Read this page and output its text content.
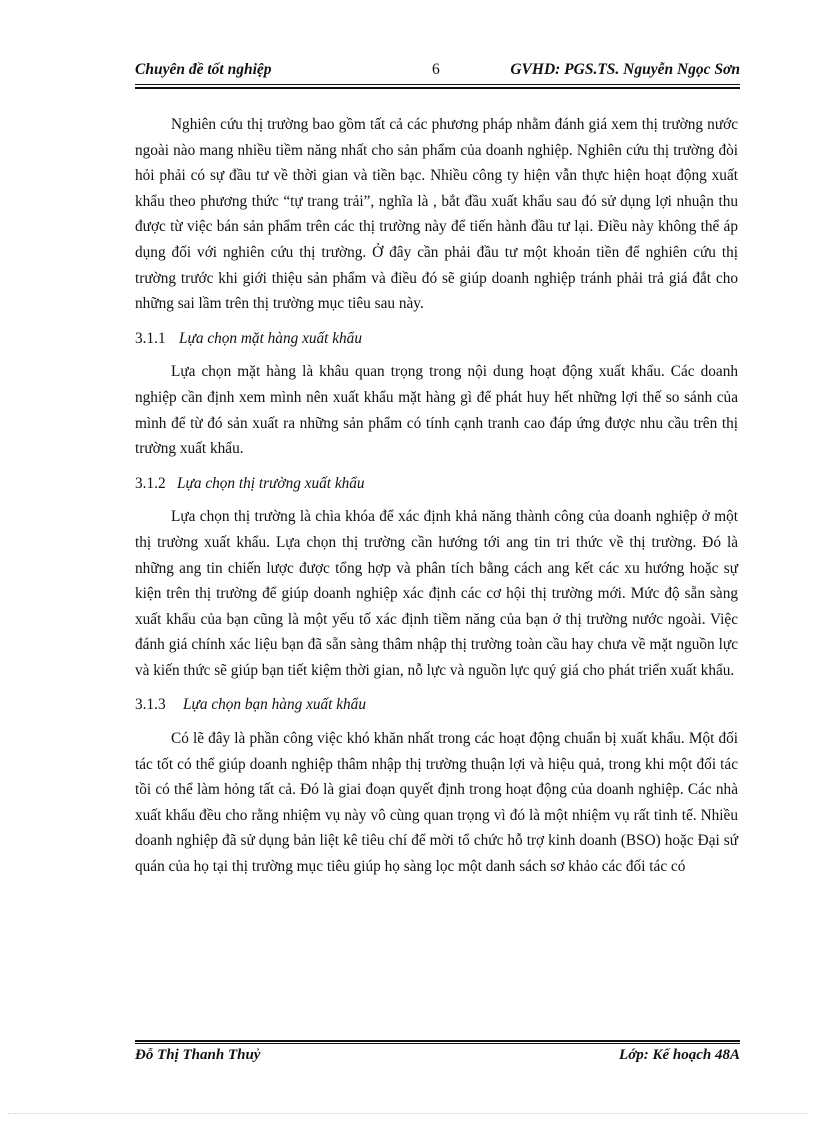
Chuyên đề tốt nghiệp	6	GVHD: PGS.TS. Nguyễn Ngọc Sơn

Nghiên cứu thị trường bao gồm tất cả các phương pháp nhằm đánh giá xem thị trường nước ngoài nào mang nhiều tiềm năng nhất cho sản phẩm của doanh nghiệp. Nghiên cứu thị trường đòi hỏi phải có sự đầu tư về thời gian và tiền bạc. Nhiều công ty hiện vẫn thực hiện hoạt động xuất khẩu theo phương thức “tự trang trải”, nghĩa là , bắt đầu xuất khẩu sau đó sử dụng lợi nhuận thu được từ việc bán sản phẩm trên các thị trường này để tiến hành đầu tư lại. Điều này không thể áp dụng đối với nghiên cứu thị trường. Ở đây cần phải đầu tư một khoản tiền để nghiên cứu thị trường trước khi giới thiệu sản phẩm và điều đó sẽ giúp doanh nghiệp tránh phải trả giá đắt cho những sai lầm trên thị trường mục tiêu sau này.

3.1.1 Lựa chọn mặt hàng xuất khẩu

Lựa chọn mặt hàng là khâu quan trọng trong nội dung hoạt động xuất khẩu. Các doanh nghiệp cần định xem mình nên xuất khẩu mặt hàng gì để phát huy hết những lợi thế so sánh của mình để từ đó sản xuất ra những sản phẩm có tính cạnh tranh cao đáp ứng được nhu cầu trên thị trường xuất khẩu.

3.1.2 Lựa chọn thị trường xuất khẩu

Lựa chọn thị trường là chìa khóa để xác định khả năng thành công của doanh nghiệp ở một thị trường xuất khẩu. Lựa chọn thị trường cần hướng tới ang tin tri thức về thị trường. Đó là những ang tin chiến lược được tổng hợp và phân tích bằng cách ang kết các xu hướng hoặc sự kiện trên thị trường để giúp doanh nghiệp xác định các cơ hội thị trường mới. Mức độ sẵn sàng xuất khẩu của bạn cũng là một yếu tố xác định tiềm năng của bạn ở thị trường nước ngoài. Việc đánh giá chính xác liệu bạn đã sẵn sàng thâm nhập thị trường toàn cầu hay chưa về mặt nguồn lực và kiến thức sẽ giúp bạn tiết kiệm thời gian, nỗ lực và nguồn lực quý giá cho phát triển xuất khẩu.

3.1.3 Lựa chọn bạn hàng xuất khẩu

Có lẽ đây là phần công việc khó khăn nhất trong các hoạt động chuẩn bị xuất khẩu. Một đối tác tốt có thể giúp doanh nghiệp thâm nhập thị trường thuận lợi và hiệu quả, trong khi một đối tác tồi có thể làm hỏng tất cả. Đó là giai đoạn quyết định trong hoạt động của doanh nghiệp. Các nhà xuất khẩu đều cho rằng nhiệm vụ này vô cùng quan trọng vì đó là một nhiệm vụ rất tinh tế. Nhiều doanh nghiệp đã sử dụng bản liệt kê tiêu chí để mời tổ chức hỗ trợ kinh doanh (BSO) hoặc Đại sứ quán của họ tại thị trường mục tiêu giúp họ sàng lọc một danh sách sơ khảo các đối tác có

Đỗ Thị Thanh Thuỷ	Lớp: Kế hoạch 48A
